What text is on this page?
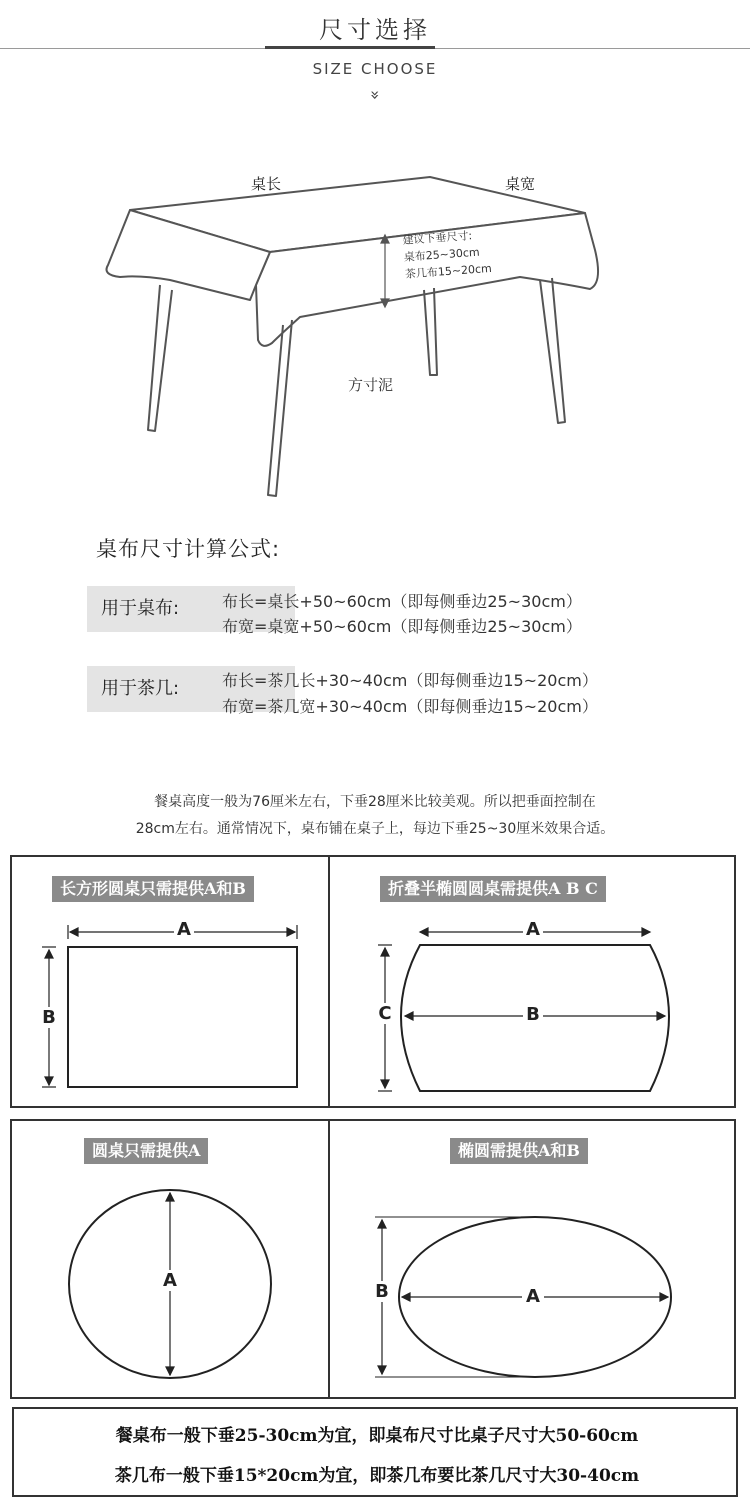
尺寸选择
SIZE CHOOSE
»
桌长	桌宽
建议下垂尺寸:
桌布25~30cm
茶几布15~20cm
方寸泥
桌布尺寸计算公式:
用于桌布:	布长=桌长+50~60cm（即每侧垂边25~30cm）
布宽=桌宽+50~60cm（即每侧垂边25~30cm）
用于茶几:	布长=茶几长+30~40cm（即每侧垂边15~20cm）
布宽=茶几宽+30~40cm（即每侧垂边15~20cm）
餐桌高度一般为76厘米左右，下垂28厘米比较美观。所以把垂面控制在
28cm左右。通常情况下，桌布铺在桌子上，每边下垂25~30厘米效果合适。
长方形圆桌只需提供A和B
A
B
折叠半椭圆圆桌需提供A B C
A
B
C
圆桌只需提供A
A
椭圆需提供A和B
A
B
餐桌布一般下垂25-30cm为宜，即桌布尺寸比桌子尺寸大50-60cm
茶几布一般下垂15*20cm为宜，即茶几布要比茶几尺寸大30-40cm
